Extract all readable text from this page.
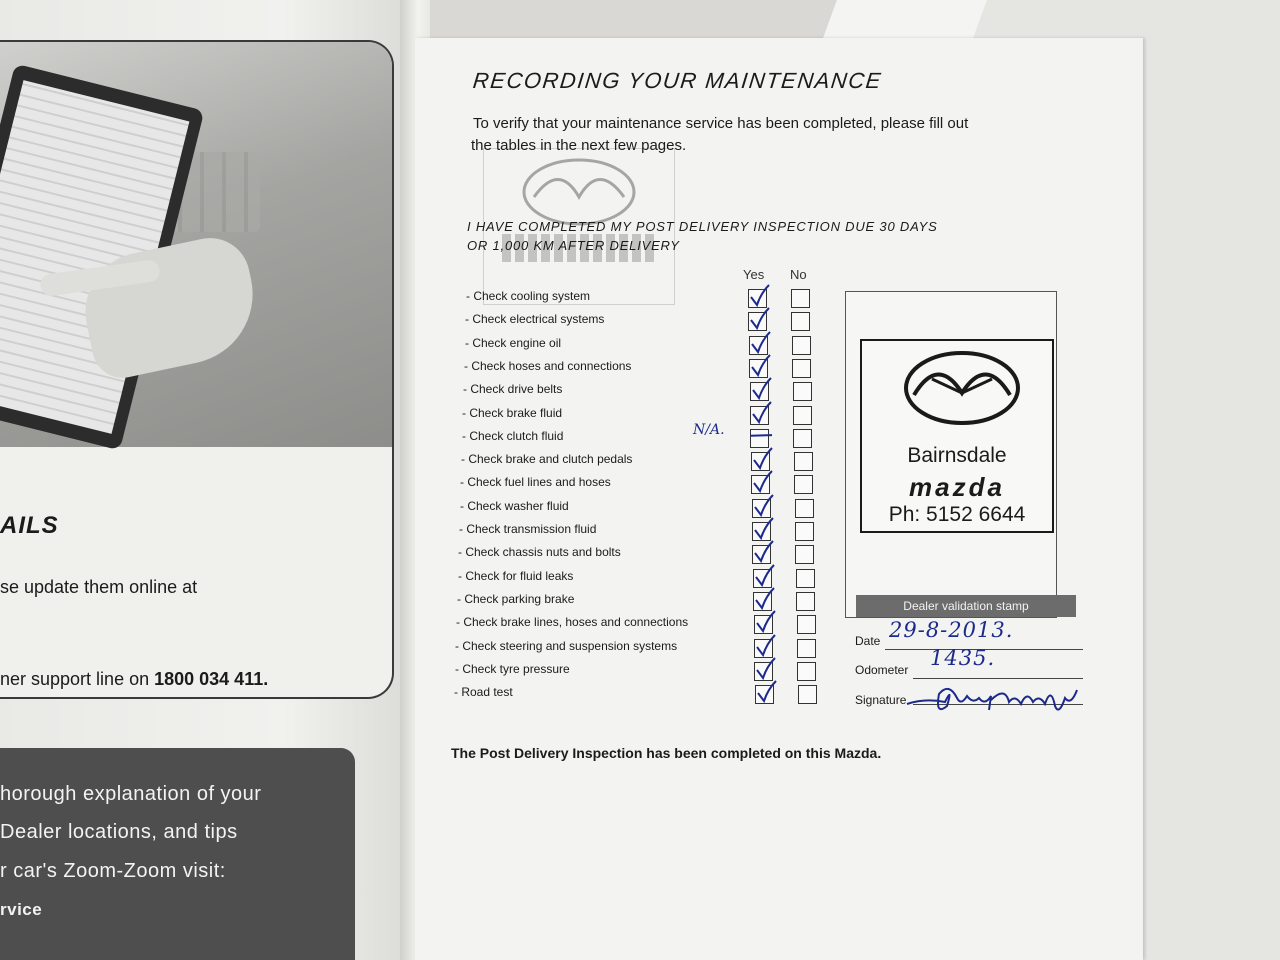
AILS
se update them online at
ner support line on 1800 034 411.
horough explanation of your
Dealer locations, and tips
r car's Zoom-Zoom visit:
rvice
RECORDING YOUR MAINTENANCE
To verify that your maintenance service has been completed, please fill out
the tables in the next few pages.
I HAVE COMPLETED MY POST DELIVERY INSPECTION DUE 30 DAYS
OR 1,000 KM AFTER DELIVERY
Yes No
- Check cooling system
- Check electrical systems
- Check engine oil
- Check hoses and connections
- Check drive belts
- Check brake fluid
- Check clutch fluid
- Check brake and clutch pedals
- Check fuel lines and hoses
- Check washer fluid
- Check transmission fluid
- Check chassis nuts and bolts
- Check for fluid leaks
- Check parking brake
- Check brake lines, hoses and connections
- Check steering and suspension systems
- Check tyre pressure
- Road test
N/A.
Bairnsdale
mazda
Ph: 5152 6644
Dealer validation stamp
Date 29-8-2013.
Odometer 1435.
Signature
The Post Delivery Inspection has been completed on this Mazda.
